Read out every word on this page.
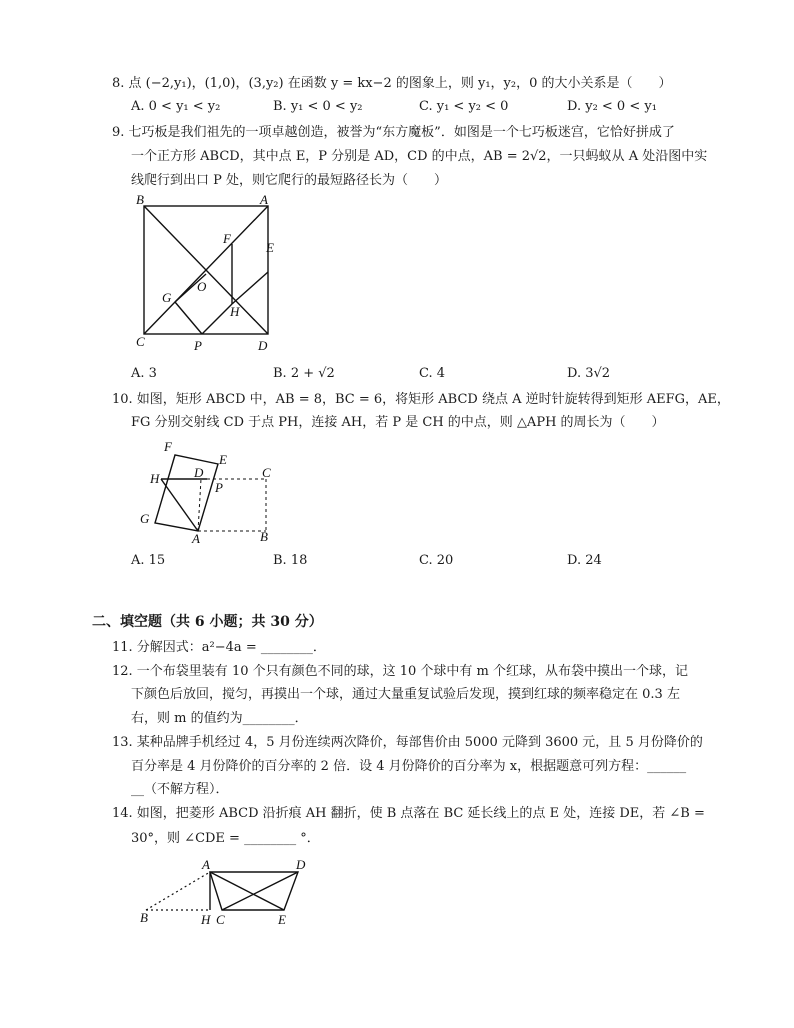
8. 点 (−2,y₁)，(1,0)，(3,y₂) 在函数 y = kx−2 的图象上，则 y₁，y₂，0 的大小关系是（　　）
A. 0 < y₁ < y₂	B. y₁ < 0 < y₂	C. y₁ < y₂ < 0	D. y₂ < 0 < y₁
9. 七巧板是我们祖先的一项卓越创造，被誉为“东方魔板”．如图是一个七巧板迷宫，它恰好拼成了
一个正方形 ABCD，其中点 E，P 分别是 AD，CD 的中点，AB = 2√2，一只蚂蚁从 A 处沿图中实
线爬行到出口 P 处，则它爬行的最短路径长为（　　）
B	A
F
E
O
G
H
C	P	D
A. 3	B. 2 + √2	C. 4	D. 3√2
10. 如图，矩形 ABCD 中，AB = 8，BC = 6，将矩形 ABCD 绕点 A 逆时针旋转得到矩形 AEFG，AE，
FG 分别交射线 CD 于点 PH，连接 AH，若 P 是 CH 的中点，则 △APH 的周长为（　　）
F
E
D	C
H
P
G
A	B
A. 15	B. 18	C. 20	D. 24
二、填空题（共 6 小题；共 30 分）
11. 分解因式：a²−4a = ________．
12. 一个布袋里装有 10 个只有颜色不同的球，这 10 个球中有 m 个红球，从布袋中摸出一个球，记
下颜色后放回，搅匀，再摸出一个球，通过大量重复试验后发现，摸到红球的频率稳定在 0.3 左
右，则 m 的值约为________．
13. 某种品牌手机经过 4，5 月份连续两次降价，每部售价由 5000 元降到 3600 元，且 5 月份降价的
百分率是 4 月份降价的百分率的 2 倍．设 4 月份降价的百分率为 x，根据题意可列方程：______
__（不解方程）．
14. 如图，把菱形 ABCD 沿折痕 AH 翻折，使 B 点落在 BC 延长线上的点 E 处，连接 DE，若 ∠B =
30°，则 ∠CDE = ________ °．
A	D
B	H C	E
